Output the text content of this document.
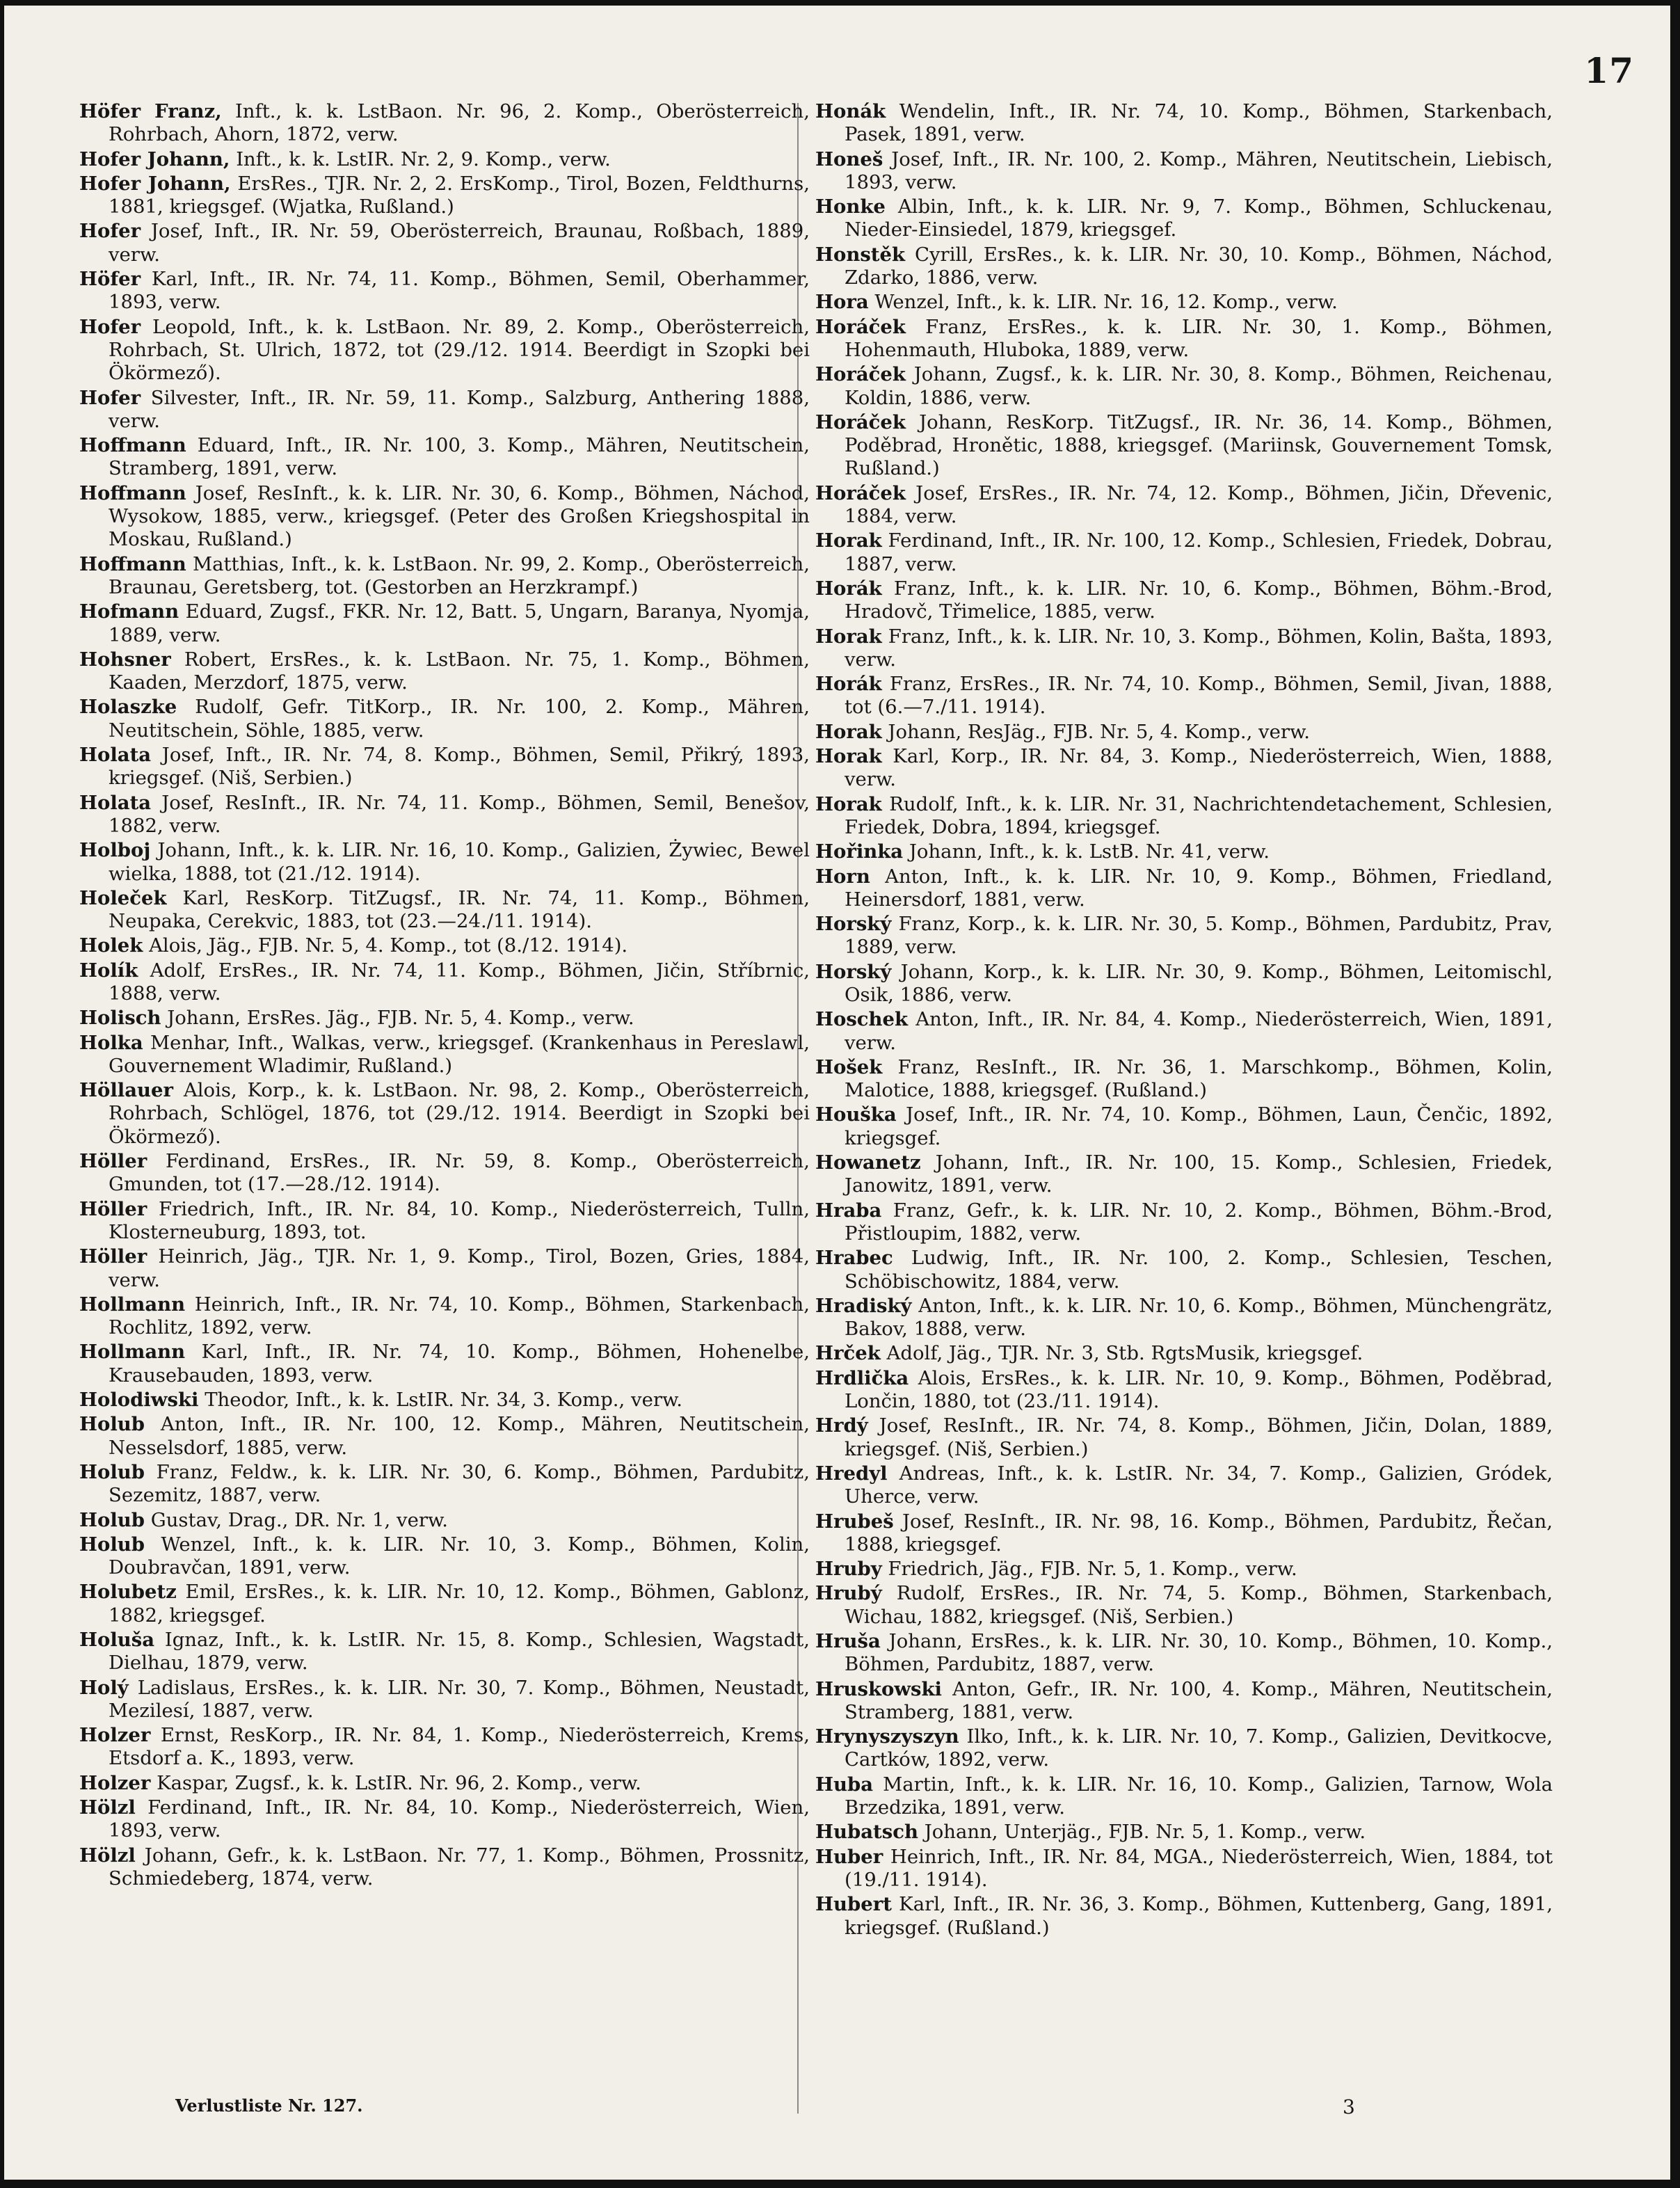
17

Höfer Franz, Inft., k. k. LstBaon. Nr. 96, 2. Komp., Oberösterreich, Rohrbach, Ahorn, 1872, verw.

Hofer Johann, Inft., k. k. LstIR. Nr. 2, 9. Komp., verw.

Hofer Johann, ErsRes., TJR. Nr. 2, 2. ErsKomp., Tirol, Bozen, Feldthurns, 1881, kriegsgef. (Wjatka, Rußland.)

Hofer Josef, Inft., IR. Nr. 59, Oberösterreich, Braunau, Roßbach, 1889, verw.

Höfer Karl, Inft., IR. Nr. 74, 11. Komp., Böhmen, Semil, Oberhammer, 1893, verw.

Hofer Leopold, Inft., k. k. LstBaon. Nr. 89, 2. Komp., Oberösterreich, Rohrbach, St. Ulrich, 1872, tot (29./12. 1914. Beerdigt in Szopki bei Ökörmező).

Hofer Silvester, Inft., IR. Nr. 59, 11. Komp., Salzburg, Anthering 1888, verw.

Hoffmann Eduard, Inft., IR. Nr. 100, 3. Komp., Mähren, Neutitschein, Stramberg, 1891, verw.

Hoffmann Josef, ResInft., k. k. LIR. Nr. 30, 6. Komp., Böhmen, Náchod, Wysokow, 1885, verw., kriegsgef. (Peter des Großen Kriegshospital in Moskau, Rußland.)

Hoffmann Matthias, Inft., k. k. LstBaon. Nr. 99, 2. Komp., Oberösterreich, Braunau, Geretsberg, tot. (Gestorben an Herzkrampf.)

Hofmann Eduard, Zugsf., FKR. Nr. 12, Batt. 5, Ungarn, Baranya, Nyomja, 1889, verw.

Hohsner Robert, ErsRes., k. k. LstBaon. Nr. 75, 1. Komp., Böhmen, Kaaden, Merzdorf, 1875, verw.

Holaszke Rudolf, Gefr. TitKorp., IR. Nr. 100, 2. Komp., Mähren, Neutitschein, Söhle, 1885, verw.

Holata Josef, Inft., IR. Nr. 74, 8. Komp., Böhmen, Semil, Přikrý, 1893, kriegsgef. (Niš, Serbien.)

Holata Josef, ResInft., IR. Nr. 74, 11. Komp., Böhmen, Semil, Benešov, 1882, verw.

Holboj Johann, Inft., k. k. LIR. Nr. 16, 10. Komp., Galizien, Żywiec, Bewel wielka, 1888, tot (21./12. 1914).

Holeček Karl, ResKorp. TitZugsf., IR. Nr. 74, 11. Komp., Böhmen, Neupaka, Cerekvic, 1883, tot (23.—24./11. 1914).

Holek Alois, Jäg., FJB. Nr. 5, 4. Komp., tot (8./12. 1914).

Holík Adolf, ErsRes., IR. Nr. 74, 11. Komp., Böhmen, Jičin, Stříbrnic, 1888, verw.

Holisch Johann, ErsRes. Jäg., FJB. Nr. 5, 4. Komp., verw.

Holka Menhar, Inft., Walkas, verw., kriegsgef. (Krankenhaus in Pereslawl, Gouvernement Wladimir, Rußland.)

Höllauer Alois, Korp., k. k. LstBaon. Nr. 98, 2. Komp., Oberösterreich, Rohrbach, Schlögel, 1876, tot (29./12. 1914. Beerdigt in Szopki bei Ökörmező).

Höller Ferdinand, ErsRes., IR. Nr. 59, 8. Komp., Oberösterreich, Gmunden, tot (17.—28./12. 1914).

Höller Friedrich, Inft., IR. Nr. 84, 10. Komp., Niederösterreich, Tulln, Klosterneuburg, 1893, tot.

Höller Heinrich, Jäg., TJR. Nr. 1, 9. Komp., Tirol, Bozen, Gries, 1884, verw.

Hollmann Heinrich, Inft., IR. Nr. 74, 10. Komp., Böhmen, Starkenbach, Rochlitz, 1892, verw.

Hollmann Karl, Inft., IR. Nr. 74, 10. Komp., Böhmen, Hohenelbe, Krausebauden, 1893, verw.

Holodiwski Theodor, Inft., k. k. LstIR. Nr. 34, 3. Komp., verw.

Holub Anton, Inft., IR. Nr. 100, 12. Komp., Mähren, Neutitschein, Nesselsdorf, 1885, verw.

Holub Franz, Feldw., k. k. LIR. Nr. 30, 6. Komp., Böhmen, Pardubitz, Sezemitz, 1887, verw.

Holub Gustav, Drag., DR. Nr. 1, verw.

Holub Wenzel, Inft., k. k. LIR. Nr. 10, 3. Komp., Böhmen, Kolin, Doubravčan, 1891, verw.

Holubetz Emil, ErsRes., k. k. LIR. Nr. 10, 12. Komp., Böhmen, Gablonz, 1882, kriegsgef.

Holuša Ignaz, Inft., k. k. LstIR. Nr. 15, 8. Komp., Schlesien, Wagstadt, Dielhau, 1879, verw.

Holý Ladislaus, ErsRes., k. k. LIR. Nr. 30, 7. Komp., Böhmen, Neustadt, Mezilesí, 1887, verw.

Holzer Ernst, ResKorp., IR. Nr. 84, 1. Komp., Niederösterreich, Krems, Etsdorf a. K., 1893, verw.

Holzer Kaspar, Zugsf., k. k. LstIR. Nr. 96, 2. Komp., verw.

Hölzl Ferdinand, Inft., IR. Nr. 84, 10. Komp., Niederösterreich, Wien, 1893, verw.

Hölzl Johann, Gefr., k. k. LstBaon. Nr. 77, 1. Komp., Böhmen, Prossnitz, Schmiedeberg, 1874, verw.

Honák Wendelin, Inft., IR. Nr. 74, 10. Komp., Böhmen, Starkenbach, Pasek, 1891, verw.

Honeš Josef, Inft., IR. Nr. 100, 2. Komp., Mähren, Neutitschein, Liebisch, 1893, verw.

Honke Albin, Inft., k. k. LIR. Nr. 9, 7. Komp., Böhmen, Schluckenau, Nieder-Einsiedel, 1879, kriegsgef.

Honstěk Cyrill, ErsRes., k. k. LIR. Nr. 30, 10. Komp., Böhmen, Náchod, Zdarko, 1886, verw.

Hora Wenzel, Inft., k. k. LIR. Nr. 16, 12. Komp., verw.

Horáček Franz, ErsRes., k. k. LIR. Nr. 30, 1. Komp., Böhmen, Hohenmauth, Hluboka, 1889, verw.

Horáček Johann, Zugsf., k. k. LIR. Nr. 30, 8. Komp., Böhmen, Reichenau, Koldin, 1886, verw.

Horáček Johann, ResKorp. TitZugsf., IR. Nr. 36, 14. Komp., Böhmen, Poděbrad, Hronětic, 1888, kriegsgef. (Mariinsk, Gouvernement Tomsk, Rußland.)

Horáček Josef, ErsRes., IR. Nr. 74, 12. Komp., Böhmen, Jičin, Dřevenic, 1884, verw.

Horak Ferdinand, Inft., IR. Nr. 100, 12. Komp., Schlesien, Friedek, Dobrau, 1887, verw.

Horák Franz, Inft., k. k. LIR. Nr. 10, 6. Komp., Böhmen, Böhm.-Brod, Hradovč, Třimelice, 1885, verw.

Horak Franz, Inft., k. k. LIR. Nr. 10, 3. Komp., Böhmen, Kolin, Bašta, 1893, verw.

Horák Franz, ErsRes., IR. Nr. 74, 10. Komp., Böhmen, Semil, Jivan, 1888, tot (6.—7./11. 1914).

Horak Johann, ResJäg., FJB. Nr. 5, 4. Komp., verw.

Horak Karl, Korp., IR. Nr. 84, 3. Komp., Niederösterreich, Wien, 1888, verw.

Horak Rudolf, Inft., k. k. LIR. Nr. 31, Nachrichtendetachement, Schlesien, Friedek, Dobra, 1894, kriegsgef.

Hořinka Johann, Inft., k. k. LstB. Nr. 41, verw.

Horn Anton, Inft., k. k. LIR. Nr. 10, 9. Komp., Böhmen, Friedland, Heinersdorf, 1881, verw.

Horský Franz, Korp., k. k. LIR. Nr. 30, 5. Komp., Böhmen, Pardubitz, Prav, 1889, verw.

Horský Johann, Korp., k. k. LIR. Nr. 30, 9. Komp., Böhmen, Leitomischl, Osik, 1886, verw.

Hoschek Anton, Inft., IR. Nr. 84, 4. Komp., Niederösterreich, Wien, 1891, verw.

Hošek Franz, ResInft., IR. Nr. 36, 1. Marschkomp., Böhmen, Kolin, Malotice, 1888, kriegsgef. (Rußland.)

Houška Josef, Inft., IR. Nr. 74, 10. Komp., Böhmen, Laun, Čenčic, 1892, kriegsgef.

Howanetz Johann, Inft., IR. Nr. 100, 15. Komp., Schlesien, Friedek, Janowitz, 1891, verw.

Hraba Franz, Gefr., k. k. LIR. Nr. 10, 2. Komp., Böhmen, Böhm.-Brod, Přistloupim, 1882, verw.

Hrabec Ludwig, Inft., IR. Nr. 100, 2. Komp., Schlesien, Teschen, Schöbischowitz, 1884, verw.

Hradiský Anton, Inft., k. k. LIR. Nr. 10, 6. Komp., Böhmen, Münchengrätz, Bakov, 1888, verw.

Hrček Adolf, Jäg., TJR. Nr. 3, Stb. RgtsMusik, kriegsgef.

Hrdlička Alois, ErsRes., k. k. LIR. Nr. 10, 9. Komp., Böhmen, Poděbrad, Lončin, 1880, tot (23./11. 1914).

Hrdý Josef, ResInft., IR. Nr. 74, 8. Komp., Böhmen, Jičin, Dolan, 1889, kriegsgef. (Niš, Serbien.)

Hredyl Andreas, Inft., k. k. LstIR. Nr. 34, 7. Komp., Galizien, Gródek, Uherce, verw.

Hrubeš Josef, ResInft., IR. Nr. 98, 16. Komp., Böhmen, Pardubitz, Řečan, 1888, kriegsgef.

Hruby Friedrich, Jäg., FJB. Nr. 5, 1. Komp., verw.

Hrubý Rudolf, ErsRes., IR. Nr. 74, 5. Komp., Böhmen, Starkenbach, Wichau, 1882, kriegsgef. (Niš, Serbien.)

Hruša Johann, ErsRes., k. k. LIR. Nr. 30, 10. Komp., Böhmen, 10. Komp., Böhmen, Pardubitz, 1887, verw.

Hruskowski Anton, Gefr., IR. Nr. 100, 4. Komp., Mähren, Neutitschein, Stramberg, 1881, verw.

Hrynyszyszyn Ilko, Inft., k. k. LIR. Nr. 10, 7. Komp., Galizien, Devitkocve, Cartków, 1892, verw.

Huba Martin, Inft., k. k. LIR. Nr. 16, 10. Komp., Galizien, Tarnow, Wola Brzedzika, 1891, verw.

Hubatsch Johann, Unterjäg., FJB. Nr. 5, 1. Komp., verw.

Huber Heinrich, Inft., IR. Nr. 84, MGA., Niederösterreich, Wien, 1884, tot (19./11. 1914).

Hubert Karl, Inft., IR. Nr. 36, 3. Komp., Böhmen, Kuttenberg, Gang, 1891, kriegsgef. (Rußland.)

Verlustliste Nr. 127.	3
